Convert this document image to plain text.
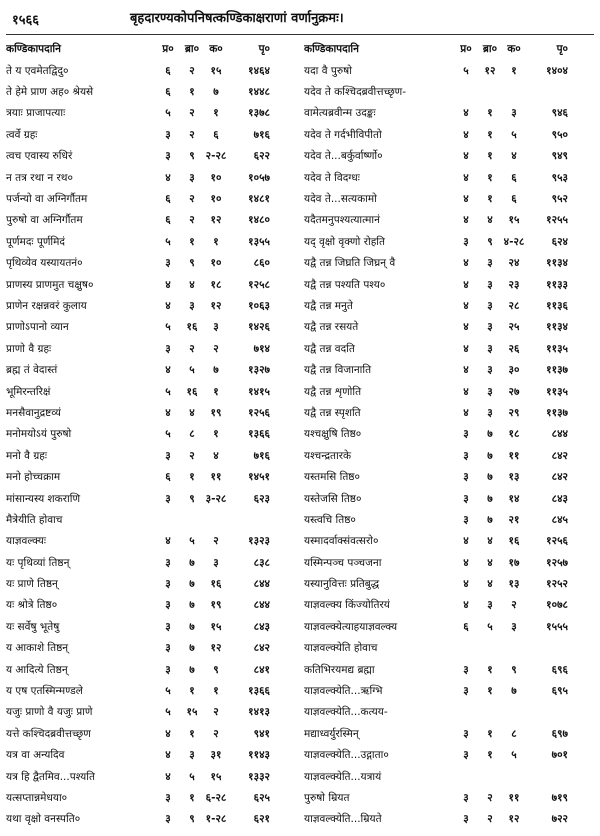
१५६६	बृहदारण्यकोपनिषत्कण्डिकाक्षराणां वर्णानुक्रमः।
कण्डिकापदानि	प्र०	ब्रा० क०	पृ०
ते य एवमेतद्विदु०	६	२	१५	१४६४
ते हेमे प्राण अह० श्रेयसे	६	१	७	१४४८
त्रयाः प्राजापत्याः	५	२	१	१३७८
त्वर्वे ग्रहः	३	२	६	७१६
त्वच एवास्य रुधिरं	३	९	२-२८	६२२
न तत्र रथा न रथ०	४	३	१०	१०५७
पर्जन्यो वा अग्निर्गौतम	६	२	१०	१४८१
पुरुषो वा अग्निर्गौतम	६	२	१२	१४८०
पूर्णमदः पूर्णमिदं	५	१	१	१३५५
पृथिव्येव यस्यायतनं०	३	९	१०	८६०
प्राणस्य प्राणमुत चक्षुष०	४	४	१८	१२५८
प्राणेन रक्षन्नवरं कुलाय	४	३	१२	१०६३
प्राणोऽपानो व्यान	५	१६	३	१४२६
प्राणो वै ग्रहः	३	२	२	७१४
ब्रह्म तं वेदास्तं	४	५	७	१३२७
भूमिरन्तरिक्षं	५	१६	१	१४१५
मनसैवानुद्रष्टव्यं	४	४	१९	१२५६
मनोमयोऽयं पुरुषो	५	८	१	१३६६
मनो वै ग्रहः	३	२	४	७१६
मनो होच्चक्राम	६	१	११	१४५१
मांसान्यस्य शकराणि	३	९	३-२८	६२३
मैत्रेयीति होवाच
याज्ञवल्क्यः	४	५	२	१३२३
यः पृथिव्यां तिष्ठन्	३	७	३	८३८
यः प्राणे तिष्ठन्	३	७	१६	८४४
यः श्रोत्रे तिष्ठ०	३	७	१९	८४४
यः सर्वेषु भूतेषु	३	७	१५	८४३
य आकाशे तिष्ठन्	३	७	१२	८४२
य आदित्ये तिष्ठन्	३	७	९	८४१
य एष एतस्मिन्मण्डले	५	१	१	१३६६
यजुः प्राणो वै यजुः प्राणे	५	१५	२	१४१३
यत्ते कश्चिदब्रवीत्तच्छृण	४	१	२	९४१
यत्र वा अन्यदिव	४	३	३१	११४३
यत्र हि द्वैतमिव...पश्यति	४	५	१५	१३३२
यत्सप्तान्नमेधया०	३	१	६-२८	६२५
यथा वृक्षो वनस्पति०	३	९	१-२८	६२१
कण्डिकापदानि	प्र०	ब्रा० क०	पृ०
यदा वै पुरुषो	५	१२	१	१४०४
यदेव ते कश्चिदब्रवीत्तच्छृण-
वामेत्यब्रवीन्म उदङ्कः	४	१	३	९४६
यदेव ते गर्दभीविपीतो	४	१	५	९५०
यदेव ते...बर्कुर्वार्ष्णो०	४	१	४	९४९
यदेव ते विदग्धः	४	१	६	९५३
यदेव ते...सत्यकामो	४	१	६	९५२
यदैतमनुपश्यत्यात्मानं	४	४	१५	१२५५
यद् वृक्षो वृक्णो रोहति	३	९	४-२८	६२४
यद्वै तन्न जिघ्रति जिघ्रन् वै	४	३	२४	११३४
यद्वै तन्न पश्यति पश्य०	४	३	२३	११३३
यद्वै तन्न मनुते	४	३	२८	११३६
यद्वै तन्न रसयते	४	३	२५	११३४
यद्वै तन्न वदति	४	३	२६	११३५
यद्वै तन्न विजानाति	४	३	३०	११३७
यद्वै तन्न शृणोति	४	३	२७	११३५
यद्वै तन्न स्पृशति	४	३	२९	११३७
यश्चक्षुषि तिष्ठ०	३	७	१८	८४४
यश्चन्द्रतारके	३	७	११	८४२
यस्तमसि तिष्ठ०	३	७	१३	८४२
यस्तेजसि तिष्ठ०	३	७	१४	८४३
यस्त्वचि तिष्ठ०	३	७	२१	८४५
यस्मादर्वाक्संवत्सरो०	४	४	१६	१२५६
यस्मिन्पञ्च पञ्चजना	४	४	१७	१२५७
यस्यानुवित्तः प्रतिबुद्ध	४	४	१३	१२५२
याज्ञवल्क्य किंज्योतिरयं	४	३	२	१०७८
याज्ञवल्क्येत्याहयाज्ञवल्क्य	६	५	३	१५५५
याज्ञवल्क्येति होवाच
कतिभिरयमद्य ब्रह्मा	३	१	९	६९६
याज्ञवल्क्येति...ऋग्भि	३	१	७	६९५
याज्ञवल्क्येति...कत्यय-
मद्याध्वर्युरस्मिन्	३	१	८	६९७
याज्ञवल्क्येति...उद्गाता०	३	१	५	७०१
याज्ञवल्क्येति...यत्रायं
पुरुषो म्रियत	३	२	११	७१९
याज्ञवल्क्येति...म्रियते	३	२	१२	७२२
